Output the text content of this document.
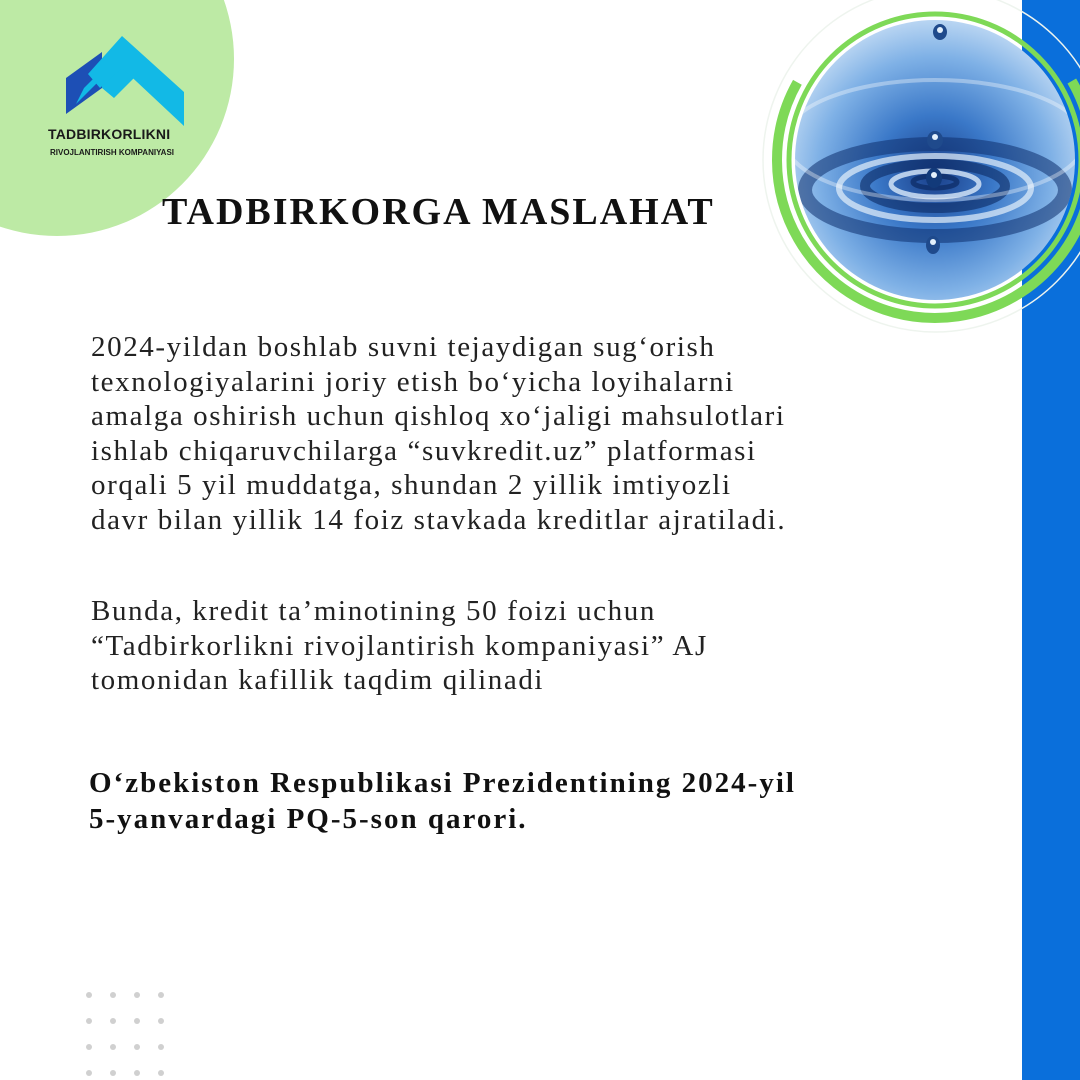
TADBIRKORLIKNI
RIVOJLANTIRISH KOMPANIYASI
TADBIRKORGA MASLAHAT
2024-yildan boshlab suvni tejaydigan sug‘orish
texnologiyalarini joriy etish bo‘yicha loyihalarni
amalga oshirish uchun qishloq xo‘jaligi mahsulotlari
ishlab chiqaruvchilarga “suvkredit.uz” platformasi
orqali 5 yil muddatga, shundan 2 yillik imtiyozli
davr bilan yillik 14 foiz stavkada kreditlar ajratiladi.
Bunda, kredit ta’minotining 50 foizi uchun
“Tadbirkorlikni rivojlantirish kompaniyasi” AJ
tomonidan kafillik taqdim qilinadi
O‘zbekiston Respublikasi Prezidentining 2024-yil
5-yanvardagi PQ-5-son qarori.
